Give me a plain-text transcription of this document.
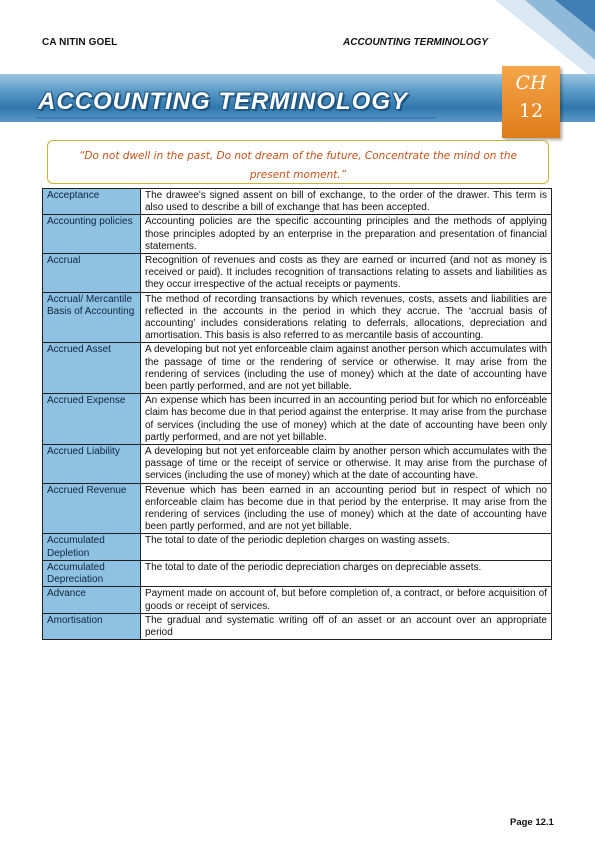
CA NITIN GOEL	ACCOUNTING TERMINOLOGY
ACCOUNTING TERMINOLOGY
CH
12
“Do not dwell in the past, Do not dream of the future, Concentrate the mind on the present moment.”
Acceptance	The drawee's signed assent on bill of exchange, to the order of the drawer. This term is also used to describe a bill of exchange that has been accepted.
Accounting policies	Accounting policies are the specific accounting principles and the methods of applying those principles adopted by an enterprise in the preparation and presentation of financial statements.
Accrual	Recognition of revenues and costs as they are earned or incurred (and not as money is received or paid). It includes recognition of transactions relating to assets and liabilities as they occur irrespective of the actual receipts or payments.
Accrual/ Mercantile Basis of Accounting	The method of recording transactions by which revenues, costs, assets and liabilities are reflected in the accounts in the period in which they accrue. The ‘accrual basis of accounting’ includes considerations relating to deferrals, allocations, depreciation and amortisation. This basis is also referred to as mercantile basis of accounting.
Accrued Asset	A developing but not yet enforceable claim against another person which accumulates with the passage of time or the rendering of service or otherwise. It may arise from the rendering of services (including the use of money) which at the date of accounting have been partly performed, and are not yet billable.
Accrued Expense	An expense which has been incurred in an accounting period but for which no enforceable claim has become due in that period against the enterprise. It may arise from the purchase of services (including the use of money) which at the date of accounting have been only partly performed, and are not yet billable.
Accrued Liability	A developing but not yet enforceable claim by another person which accumulates with the passage of time or the receipt of service or otherwise. It may arise from the purchase of services (including the use of money) which at the date of accounting have.
Accrued Revenue	Revenue which has been earned in an accounting period but in respect of which no enforceable claim has become due in that period by the enterprise. It may arise from the rendering of services (including the use of money) which at the date of accounting have been partly performed, and are not yet billable.
Accumulated Depletion	The total to date of the periodic depletion charges on wasting assets.
Accumulated Depreciation	The total to date of the periodic depreciation charges on depreciable assets.
Advance	Payment made on account of, but before completion of, a contract, or before acquisition of goods or receipt of services.
Amortisation	The gradual and systematic writing off of an asset or an account over an appropriate period
Page 12.1
